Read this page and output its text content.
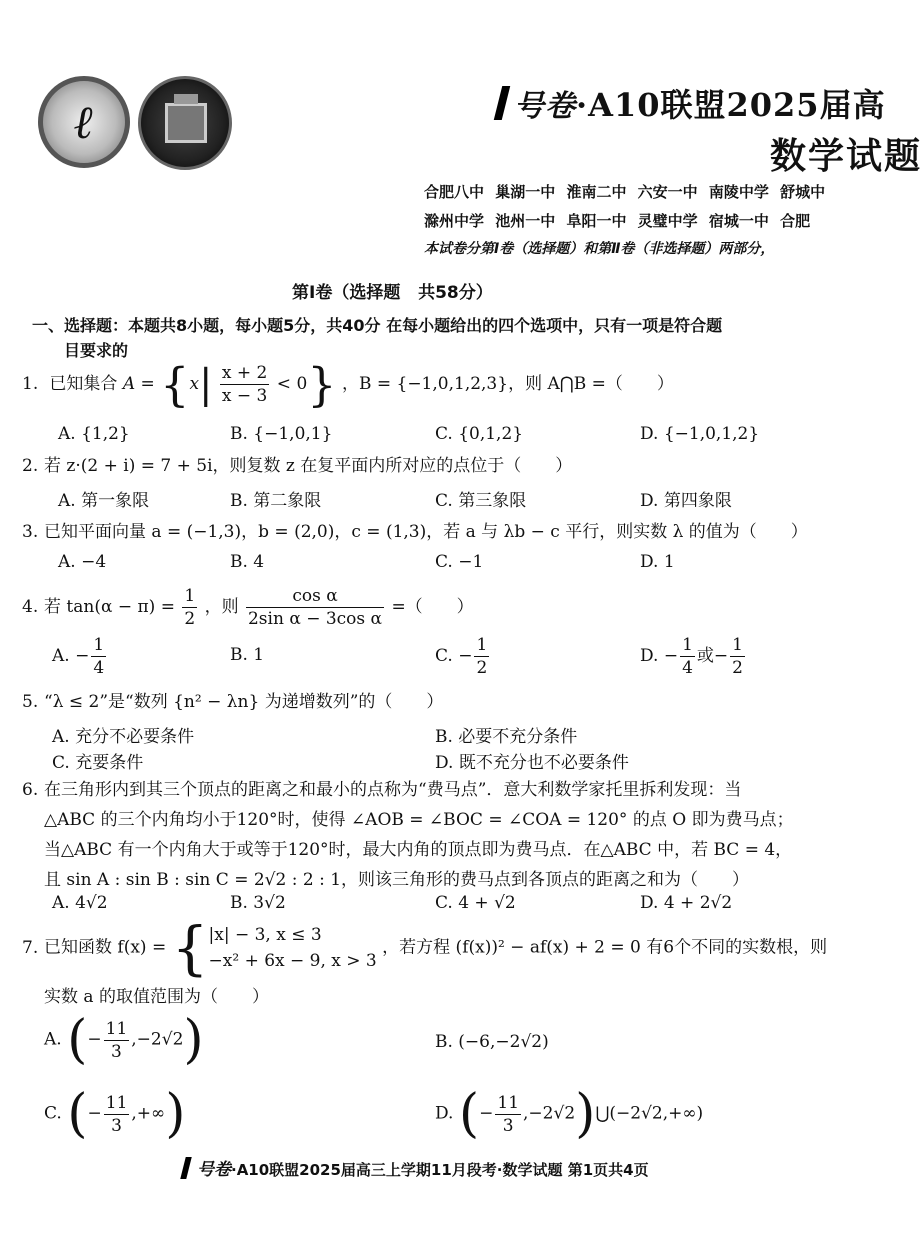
ℓ	号卷·A10联盟2025届高
数学试题
合肥八中 巢湖一中 淮南二中 六安一中 南陵中学 舒城中
滁州中学 池州一中 阜阳一中 灵璧中学 宿城一中 合肥
本试卷分第Ⅰ卷（选择题）和第Ⅱ卷（非选择题）两部分，
第Ⅰ卷（选择题   共58分）
一、选择题：本题共8小题，每小题5分，共40分 在每小题给出的四个选项中，只有一项是符合题
目要求的
1. 已知集合 $A = \{x| \frac{x + 2}{x - 3} < 0\}$ ，B = {−1,0,1,2,3}，则 A⋂B =（　　）
A. {1,2}	B. {−1,0,1}	C. {0,1,2}	D. {−1,0,1,2}
2. 若 z·(2 + i) = 7 + 5i，则复数 z 在复平面内所对应的点位于（　　）
A. 第一象限	B. 第二象限	C. 第三象限	D. 第四象限
3. 已知平面向量 a = (−1,3)，b = (2,0)，c = (1,3)，若 a 与 λb − c 平行，则实数 λ 的值为（　　）
A. −4	B. 4	C. −1	D. 1
4. 若 $\tan(\alpha - \pi) = \frac{1}{2}$ ，则 $\frac{\text{cos α}}{\text{2sin α − 3cos α}}$ =（　　）
A. − $\frac{1}{4}$	B. 1	C. − $\frac{1}{2}$	D. − $\frac{1}{4}$ 或− $\frac{1}{2}$
5. “λ ≤ 2”是“数列 {n² − λn} 为递增数列”的（　　）
A. 充分不必要条件	B. 必要不充分条件
C. 充要条件	D. 既不充分也不必要条件
6. 在三角形内到其三个顶点的距离之和最小的点称为“费马点”．意大利数学家托里拆利发现：当
△ABC 的三个内角均小于120°时，使得 ∠AOB = ∠BOC = ∠COA = 120° 的点 O 即为费马点；
当△ABC 有一个内角大于或等于120°时，最大内角的顶点即为费马点．在△ABC 中，若 BC = 4，
且 sin A : sin B : sin C = 2√2 : 2 : 1，则该三角形的费马点到各顶点的距离之和为（　　）
A. 4√2	B. 3√2	C. 4 + √2	D. 4 + 2√2
7. 已知函数 f(x) = { |x| − 3, x ≤ 3
−x² + 6x − 9, x > 3
，若方程 (f(x))² − af(x) + 2 = 0 有6个不同的实数根，则
实数 a 的取值范围为（　　）
A. (− $\frac{11}{3} ,-2√2$)	B. (−6,−2√2)
C. (− $\frac{11}{3}$ ,+∞)	D. (− $\frac{11}{3}$ ,−2√2)⋃(−2√2,+∞)
号卷·A10联盟2025届高三上学期11月段考·数学试题 第1页共4页
